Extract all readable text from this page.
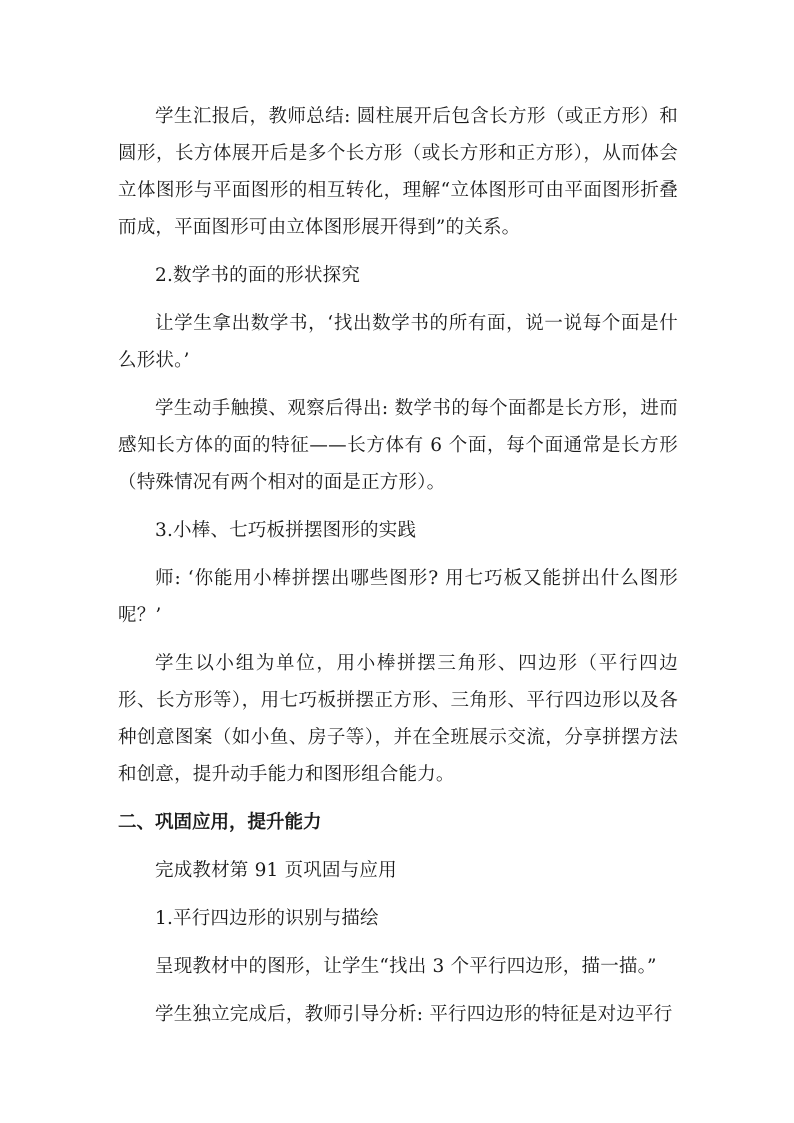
学生汇报后，教师总结: 圆柱展开后包含长方形（或正方形）和圆形，长方体展开后是多个长方形（或长方形和正方形），从而体会立体图形与平面图形的相互转化，理解“立体图形可由平面图形折叠而成，平面图形可由立体图形展开得到”的关系。

2.数学书的面的形状探究

让学生拿出数学书，‘找出数学书的所有面，说一说每个面是什么形状。’

学生动手触摸、观察后得出: 数学书的每个面都是长方形，进而感知长方体的面的特征——长方体有 6 个面，每个面通常是长方形（特殊情况有两个相对的面是正方形）。

3.小棒、七巧板拼摆图形的实践

师: ‘你能用小棒拼摆出哪些图形? 用七巧板又能拼出什么图形呢？’

学生以小组为单位，用小棒拼摆三角形、四边形（平行四边形、长方形等），用七巧板拼摆正方形、三角形、平行四边形以及各种创意图案（如小鱼、房子等），并在全班展示交流，分享拼摆方法和创意，提升动手能力和图形组合能力。

二、巩固应用，提升能力

完成教材第 91 页巩固与应用

1.平行四边形的识别与描绘

呈现教材中的图形，让学生“找出 3 个平行四边形，描一描。”

学生独立完成后，教师引导分析: 平行四边形的特征是对边平行
